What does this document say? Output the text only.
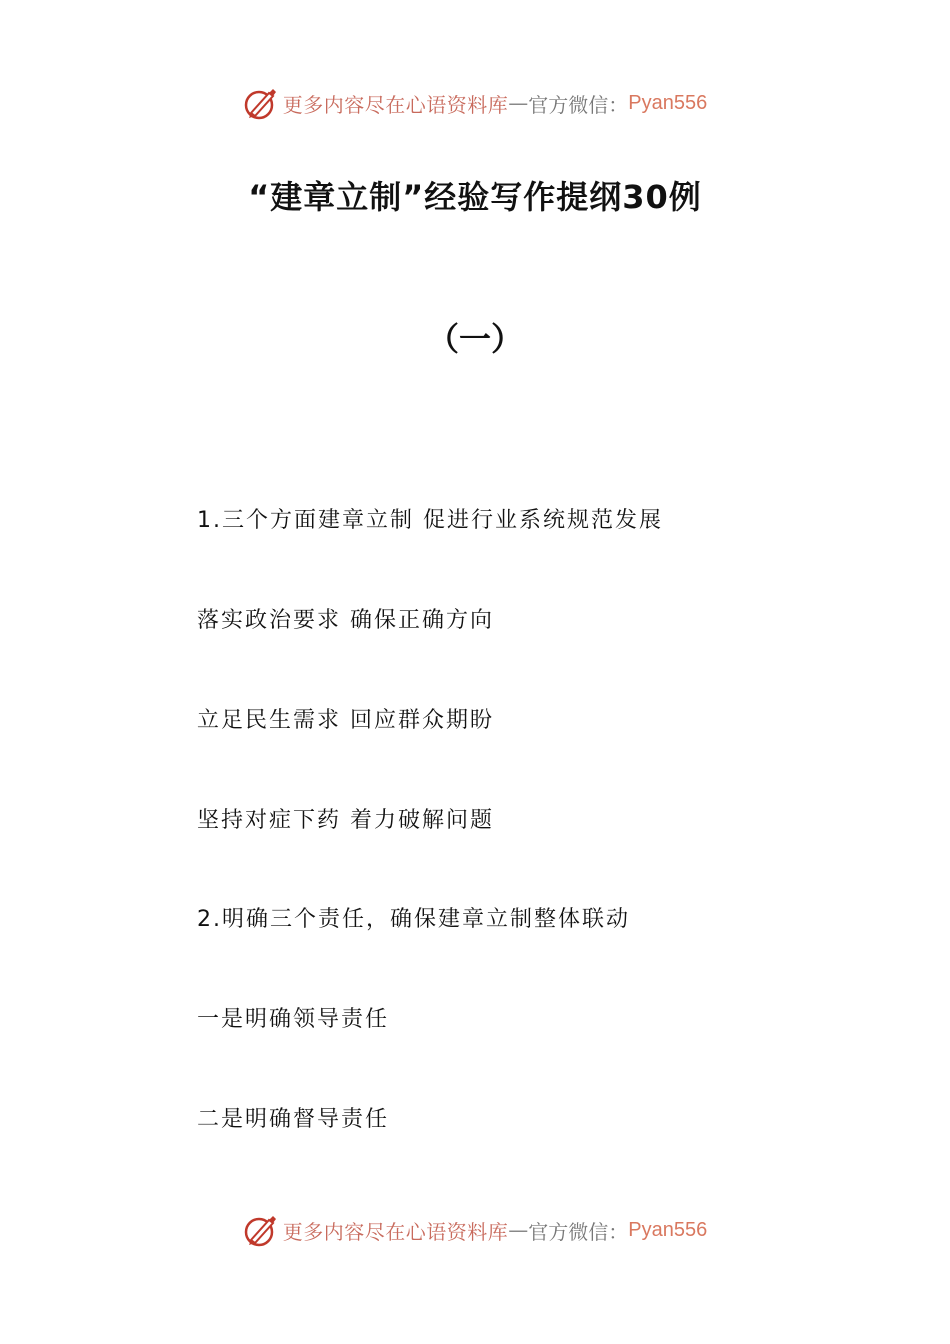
更多内容尽在心语资料库 — 官方微信： Pyan556
“建章立制”经验写作提纲30例
（一）
1.三个方面建章立制 促进行业系统规范发展
落实政治要求 确保正确方向
立足民生需求 回应群众期盼
坚持对症下药 着力破解问题
2.明确三个责任，确保建章立制整体联动
一是明确领导责任
二是明确督导责任
更多内容尽在心语资料库 — 官方微信： Pyan556
